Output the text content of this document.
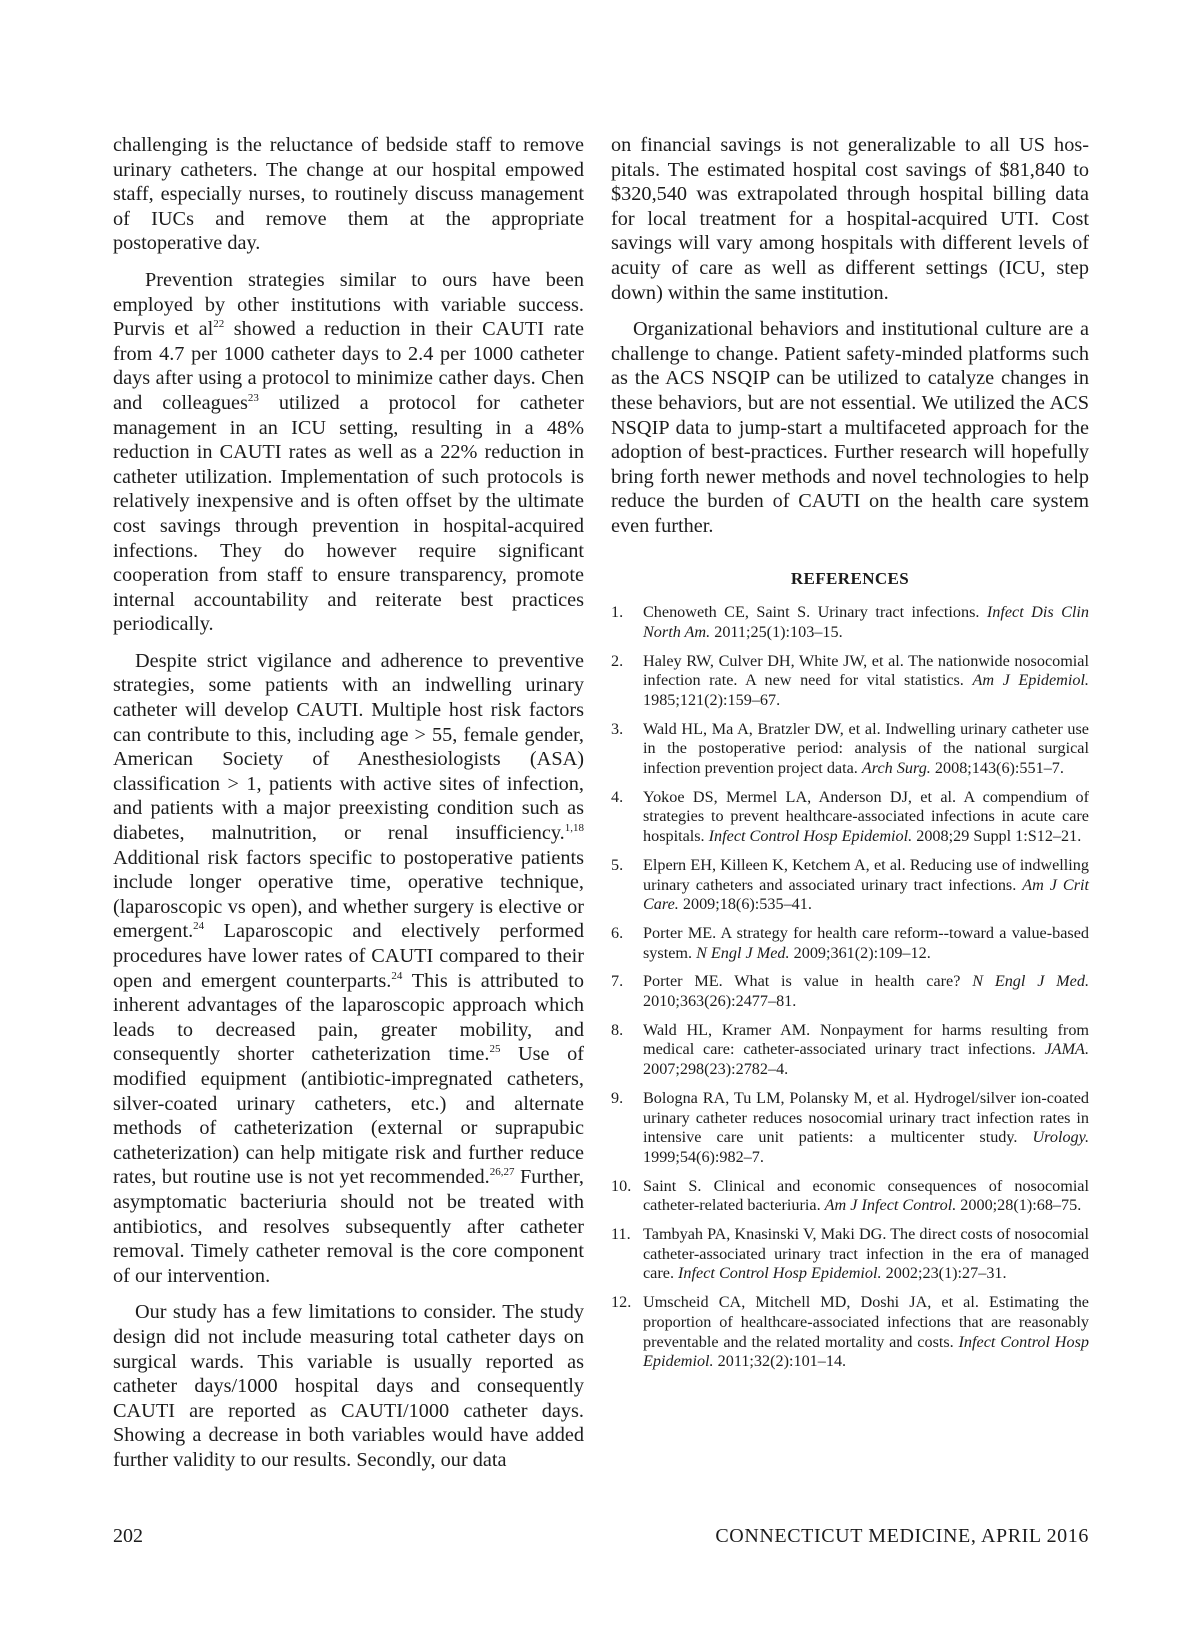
challenging is the reluctance of bedside staff to remove urinary catheters. The change at our hospital empowed staff, especially nurses, to routinely discuss management of IUCs and remove them at the appropriate postoperative day.

Prevention strategies similar to ours have been employed by other institutions with variable success. Purvis et $al^{22}$ showed a reduction in their CAUTI rate from 4.7 per 1000 catheter days to 2.4 per 1000 catheter days after using a protocol to minimize cather days. Chen and colleagues$^{23}$ utilized a protocol for catheter management in an ICU setting, resulting in a 48% reduction in CAUTI rates as well as a 22% reduction in catheter utilization. Implementation of such protocols is relatively inexpensive and is often offset by the ultimate cost savings through prevention in hospital-acquired infections. They do however require significant cooperation from staff to ensure transparency, promote internal accountability and reiterate best practices periodically.

Despite strict vigilance and adherence to preventive strategies, some patients with an indwelling urinary catheter will develop CAUTI. Multiple host risk factors can contribute to this, including age > 55, female gender, American Society of Anesthesiologists (ASA) classification > 1, patients with active sites of infection, and patients with a major preexisting condition such as diabetes, malnutrition, or renal insufficiency.$^{1,18}$ Additional risk factors specific to postoperative patients include longer operative time, operative technique, (laparoscopic vs open), and whether surgery is elective or emergent.$^{24}$ Laparoscopic and electively performed procedures have lower rates of CAUTI compared to their open and emergent counterparts.$^{24}$ This is attributed to inherent advantages of the laparoscopic approach which leads to decreased pain, greater mobility, and consequently shorter catheterization time.$^{25}$ Use of modified equipment (antibiotic-impregnated catheters, silver-coated urinary catheters, etc.) and alternate methods of catheterization (external or suprapubic catheterization) can help mitigate risk and further reduce rates, but routine use is not yet recommended.$^{26,27}$ Further, asymptomatic bacteriuria should not be treated with antibiotics, and resolves subsequently after catheter removal. Timely catheter removal is the core component of our intervention.

Our study has a few limitations to consider. The study design did not include measuring total catheter days on surgical wards. This variable is usually reported as catheter days/1000 hospital days and consequently CAUTI are reported as CAUTI/1000 catheter days. Showing a decrease in both variables would have added further validity to our results. Secondly, our data

on financial savings is not generalizable to all US hospitals. The estimated hospital cost savings of $81,840 to $320,540 was extrapolated through hospital billing data for local treatment for a hospital-acquired UTI. Cost savings will vary among hospitals with different levels of acuity of care as well as different settings (ICU, step down) within the same institution.

Organizational behaviors and institutional culture are a challenge to change. Patient safety-minded platforms such as the ACS NSQIP can be utilized to catalyze changes in these behaviors, but are not essential. We utilized the ACS NSQIP data to jump-start a multifaceted approach for the adoption of best-practices. Further research will hopefully bring forth newer methods and novel technologies to help reduce the burden of CAUTI on the health care system even further.

REFERENCES
1.	Chenoweth CE, Saint S. Urinary tract infections. Infect Dis Clin North Am. 2011;25(1):103–15.
2.	Haley RW, Culver DH, White JW, et al. The nationwide nosocomial infection rate. A new need for vital statistics. Am J Epidemiol. 1985;121(2):159–67.
3.	Wald HL, Ma A, Bratzler DW, et al. Indwelling urinary catheter use in the postoperative period: analysis of the national surgical infection prevention project data. Arch Surg. 2008;143(6):551–7.
4.	Yokoe DS, Mermel LA, Anderson DJ, et al. A compendium of strategies to prevent healthcare-associated infections in acute care hospitals. Infect Control Hosp Epidemiol. 2008;29 Suppl 1:S12–21.
5.	Elpern EH, Killeen K, Ketchem A, et al. Reducing use of indwelling urinary catheters and associated urinary tract infections. Am J Crit Care. 2009;18(6):535–41.
6.	Porter ME. A strategy for health care reform--toward a value-based system. N Engl J Med. 2009;361(2):109–12.
7.	Porter ME. What is value in health care? N Engl J Med. 2010;363(26):2477–81.
8.	Wald HL, Kramer AM. Nonpayment for harms resulting from medical care: catheter-associated urinary tract infections. JAMA. 2007;298(23):2782–4.
9.	Bologna RA, Tu LM, Polansky M, et al. Hydrogel/silver ion-coated urinary catheter reduces nosocomial urinary tract infection rates in intensive care unit patients: a multicenter study. Urology. 1999;54(6):982–7.
10. Saint S. Clinical and economic consequences of nosocomial catheter-related bacteriuria. Am J Infect Control. 2000;28(1):68–75.
11. Tambyah PA, Knasinski V, Maki DG. The direct costs of nosocomial catheter-associated urinary tract infection in the era of managed care. Infect Control Hosp Epidemiol. 2002;23(1):27–31.
12. Umscheid CA, Mitchell MD, Doshi JA, et al. Estimating the proportion of healthcare-associated infections that are reasonably preventable and the related mortality and costs. Infect Control Hosp Epidemiol. 2011;32(2):101–14.
202	CONNECTICUT MEDICINE, APRIL 2016
